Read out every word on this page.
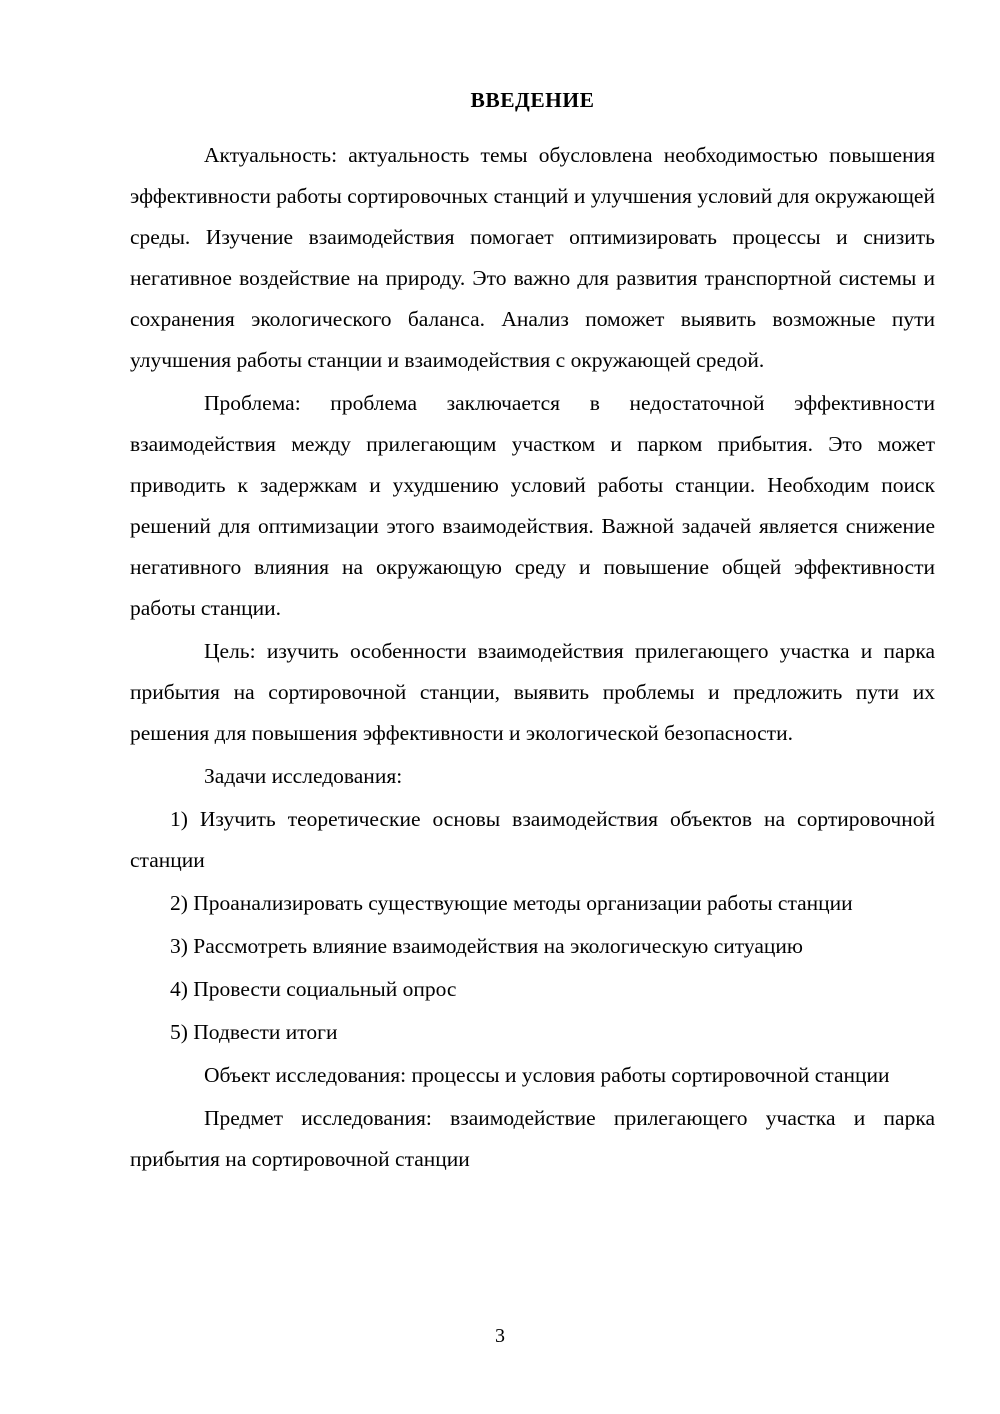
ВВЕДЕНИЕ

Актуальность: актуальность темы обусловлена необходимостью повышения эффективности работы сортировочных станций и улучшения условий для окружающей среды. Изучение взаимодействия помогает оптимизировать процессы и снизить негативное воздействие на природу. Это важно для развития транспортной системы и сохранения экологического баланса. Анализ поможет выявить возможные пути улучшения работы станции и взаимодействия с окружающей средой.

Проблема: проблема заключается в недостаточной эффективности взаимодействия между прилегающим участком и парком прибытия. Это может приводить к задержкам и ухудшению условий работы станции. Необходим поиск решений для оптимизации этого взаимодействия. Важной задачей является снижение негативного влияния на окружающую среду и повышение общей эффективности работы станции.

Цель: изучить особенности взаимодействия прилегающего участка и парка прибытия на сортировочной станции, выявить проблемы и предложить пути их решения для повышения эффективности и экологической безопасности.

Задачи исследования:

1) Изучить теоретические основы взаимодействия объектов на сортировочной станции

2) Проанализировать существующие методы организации работы станции

3) Рассмотреть влияние взаимодействия на экологическую ситуацию

4) Провести социальный опрос

5) Подвести итоги

Объект исследования: процессы и условия работы сортировочной станции

Предмет исследования: взаимодействие прилегающего участка и парка прибытия на сортировочной станции

3
